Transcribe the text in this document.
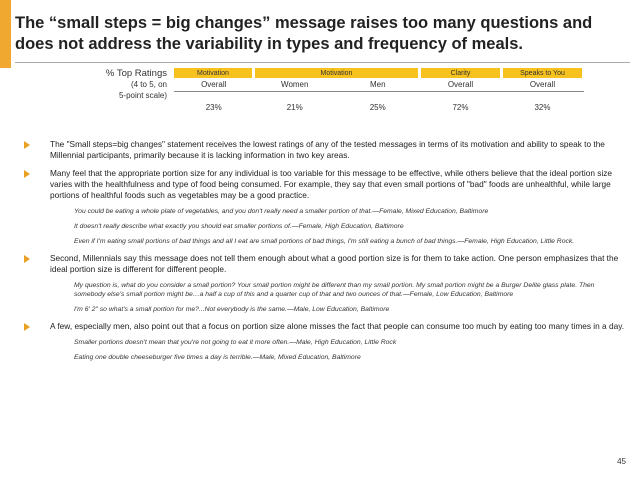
The “small steps = big changes” message raises too many questions and does not address the variability in types and frequency of meals.
% Top Ratings
(4 to 5, on
5-point scale)
Motivation	Motivation		Clarity	Speaks to You
Overall	Women	Men	Overall	Overall
23%	21%	25%	72%	32%
The "Small steps=big changes" statement receives the lowest ratings of any of the tested messages in terms of its motivation and ability to speak to the Millennial participants, primarily because it is lacking information in two key areas.
Many feel that the appropriate portion size for any individual is too variable for this message to be effective, while others believe that the ideal portion size varies with the healthfulness and type of food being consumed. For example, they say that even small portions of "bad" foods are unhealthful, while large portions of healthful foods such as vegetables may be a good practice.
You could be eating a whole plate of vegetables, and you don't really need a smaller portion of that.—Female, Mixed Education, Baltimore
It doesn't really describe what exactly you should eat smaller portions of.—Female, High Education, Baltimore
Even if I'm eating small portions of bad things and all I eat are small portions of bad things, I'm still eating a bunch of bad things.—Female, High Education, Little Rock.
Second, Millennials say this message does not tell them enough about what a good portion size is for them to take action. One person emphasizes that the ideal portion size is different for different people.
My question is, what do you consider a small portion? Your small portion might be different than my small portion. My small portion might be a Burger Delite glass plate. Then somebody else's small portion might be…a half a cup of this and a quarter cup of that and two ounces of that.—Female, Low Education, Baltimore
I'm 6' 2" so what's a small portion for me?...Not everybody is the same.—Male, Low Education, Baltimore
A few, especially men, also point out that a focus on portion size alone misses the fact that people can consume too much by eating too many times in a day.
Smaller portions doesn't mean that you're not going to eat it more often.—Male, High Education, Little Rock
Eating one double cheeseburger five times a day is terrible.—Male, Mixed Education, Baltimore
45
